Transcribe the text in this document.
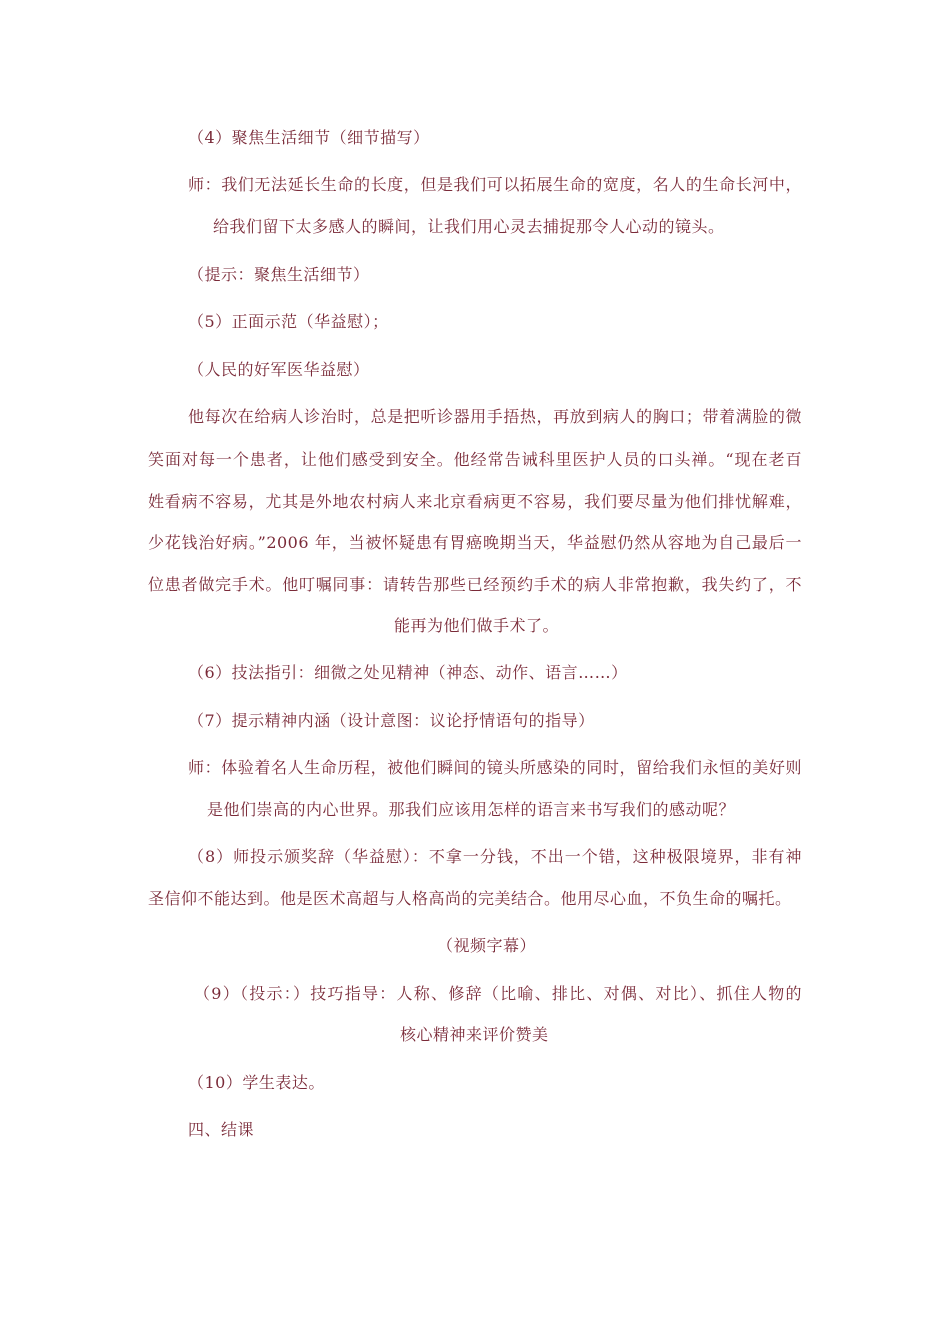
（4）聚焦生活细节（细节描写）
师：我们无法延长生命的长度，但是我们可以拓展生命的宽度，名人的生命长河中，
给我们留下太多感人的瞬间，让我们用心灵去捕捉那令人心动的镜头。
（提示：聚焦生活细节）
（5）正面示范（华益慰）；
（人民的好军医华益慰）
他每次在给病人诊治时，总是把听诊器用手捂热，再放到病人的胸口；带着满脸的微
笑面对每一个患者，让他们感受到安全。他经常告诫科里医护人员的口头禅。“现在老百
姓看病不容易，尤其是外地农村病人来北京看病更不容易，我们要尽量为他们排忧解难，
少花钱治好病。”2006 年，当被怀疑患有胃癌晚期当天，华益慰仍然从容地为自己最后一
位患者做完手术。他叮嘱同事：请转告那些已经预约手术的病人非常抱歉，我失约了，不
能再为他们做手术了。
（6）技法指引：细微之处见精神（神态、动作、语言……）
（7）提示精神内涵（设计意图：议论抒情语句的指导）
师：体验着名人生命历程，被他们瞬间的镜头所感染的同时，留给我们永恒的美好则
是他们崇高的内心世界。那我们应该用怎样的语言来书写我们的感动呢？
（8）师投示颁奖辞（华益慰）：不拿一分钱，不出一个错，这种极限境界，非有神
圣信仰不能达到。他是医术高超与人格高尚的完美结合。他用尽心血，不负生命的嘱托。
（视频字幕）
（9）（投示：）技巧指导：人称、修辞（比喻、排比、对偶、对比）、抓住人物的
核心精神来评价赞美
（10）学生表达。
四、结课
